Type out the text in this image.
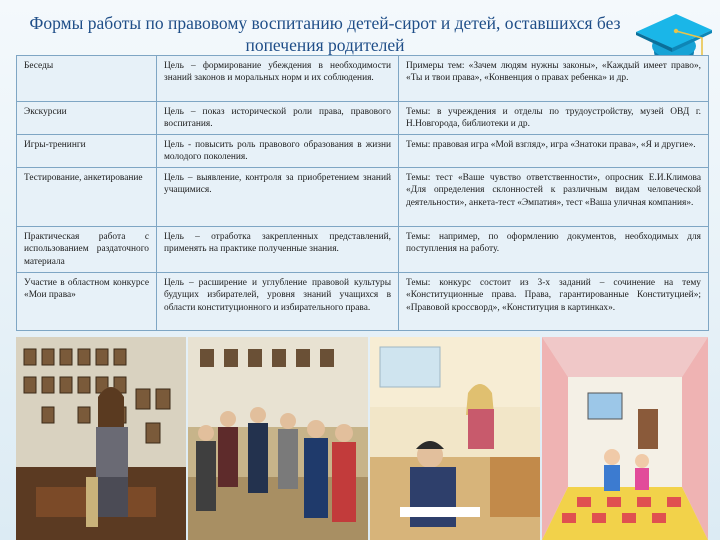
Формы работы по правовому воспитанию детей-сирот и детей, оставшихся без
попечения родителей
Беседы	Цель – формирование убеждения в необходимости знаний законов и моральных норм и их соблюдения.	Примеры тем: «Зачем людям нужны законы», «Каждый имеет право», «Ты и твои права», «Конвенция о правах ребенка» и др.
Экскурсии	Цель – показ исторической роли права, правового воспитания.	Темы: в учреждения и отделы по трудоустройству, музей ОВД г. Н.Новгорода, библиотеки и др.
Игры-тренинги	Цель - повысить роль правового образования в жизни молодого поколения.	Темы: правовая игра «Мой взгляд», игра «Знатоки права», «Я и другие».
Тестирование, анкетирование	Цель – выявление, контроля за приобретением знаний учащимися.	Темы: тест «Ваше чувство ответственности», опросник Е.И.Климова «Для определения склонностей к различным видам человеческой деятельности», анкета-тест «Эмпатия», тест «Ваша уличная компания».
Практическая работа с использованием раздаточного материала	Цель – отработка закрепленных представлений, применять на практике полученные знания.	Темы: например, по оформлению документов, необходимых для поступления на работу.
Участие в областном конкурсе «Мои права»	Цель – расширение и углубление правовой культуры будущих избирателей, уровня знаний учащихся в области конституционного и избирательного права.	Темы: конкурс состоит из 3-х заданий – сочинение на тему «Конституционные права. Права, гарантированные Конституцией»; «Правовой кроссворд», «Конституция в картинках».
